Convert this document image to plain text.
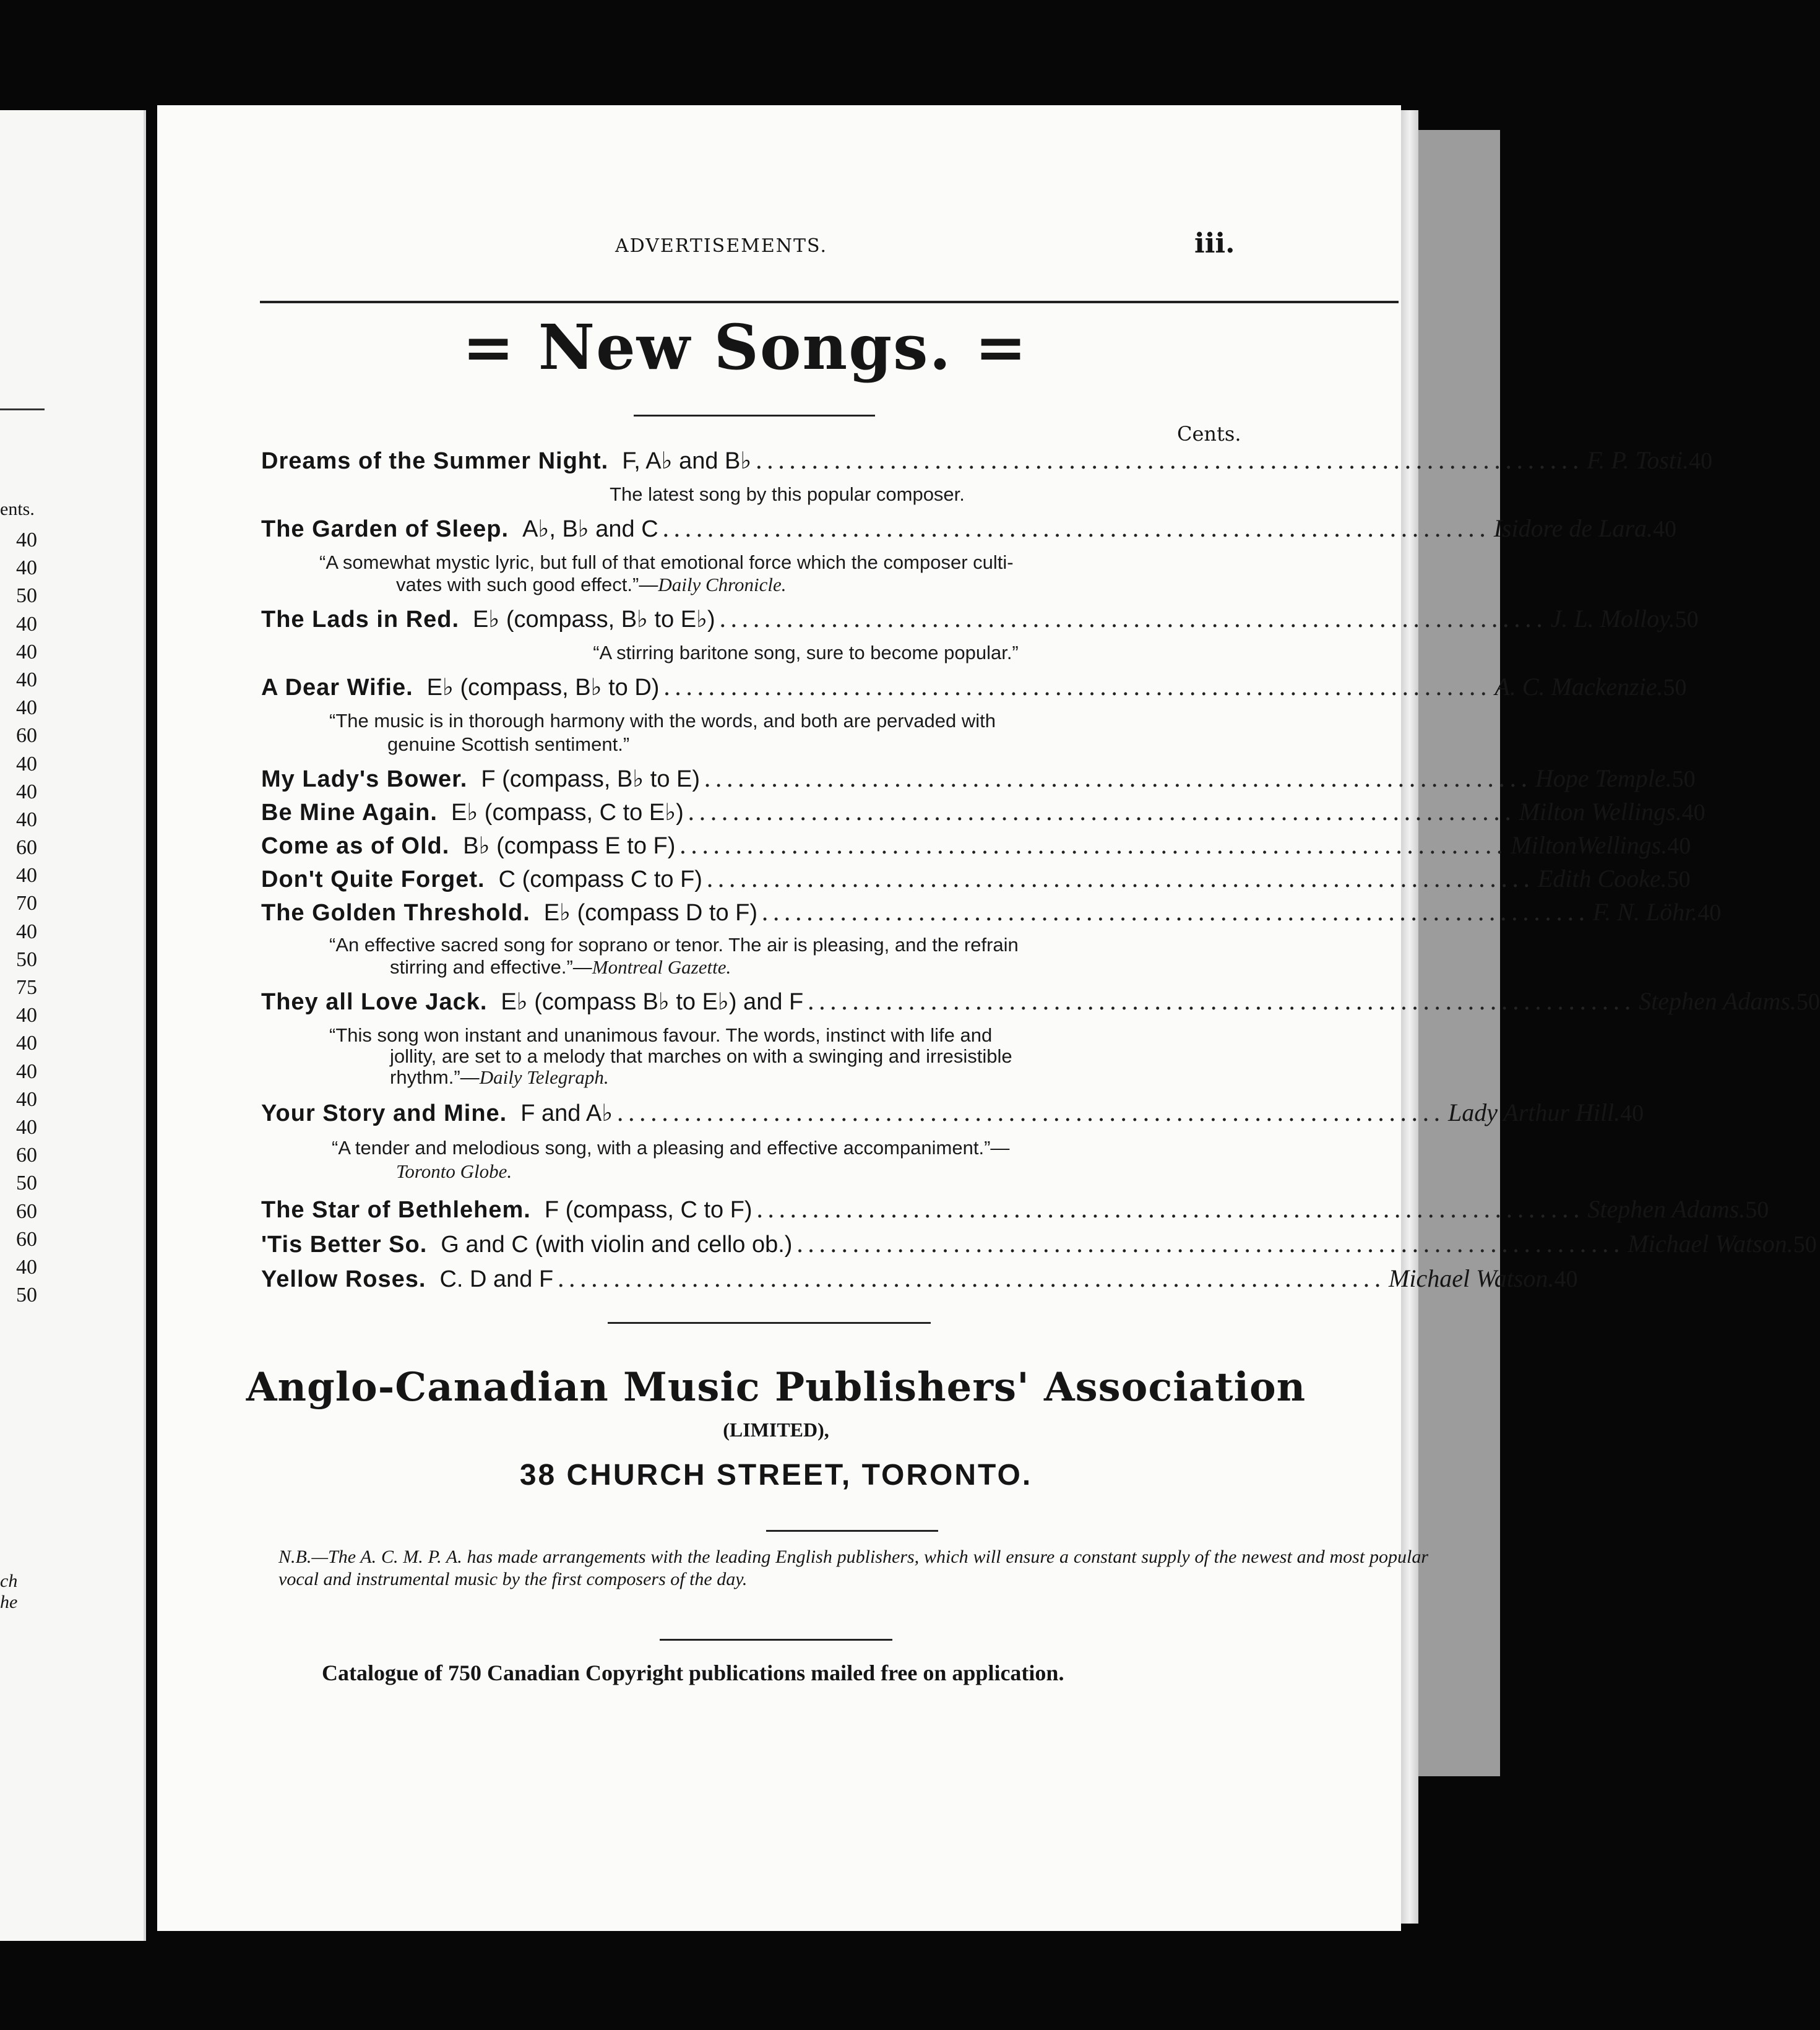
ents.
40
40
50
40
40
40
40
60
40
40
40
60
40
70
40
50
75
40
40
40
40
40
60
50
60
60
40
50
ch
he
ADVERTISEMENTS.	iii.
= New Songs. =
Cents.
Dreams of the Summer Night. F, A♭ and B♭ .......................................................................... F. P. Tosti. 40
The latest song by this popular composer.
The Garden of Sleep. A♭, B♭ and C .......................................................................... Isidore de Lara. 40
“A somewhat mystic lyric, but full of that emotional force which the composer culti-
vates with such good effect.”—Daily Chronicle.
The Lads in Red. E♭ (compass, B♭ to E♭) .......................................................................... J. L. Molloy. 50
“A stirring baritone song, sure to become popular.”
A Dear Wifie. E♭ (compass, B♭ to D) .......................................................................... A. C. Mackenzie. 50
“The music is in thorough harmony with the words, and both are pervaded with
genuine Scottish sentiment.”
My Lady's Bower. F (compass, B♭ to E) .......................................................................... Hope Temple. 50
Be Mine Again. E♭ (compass, C to E♭) .......................................................................... Milton Wellings. 40
Come as of Old. B♭ (compass E to F) .......................................................................... MiltonWellings. 40
Don't Quite Forget. C (compass C to F) .......................................................................... Edith Cooke. 50
The Golden Threshold. E♭ (compass D to F) .......................................................................... F. N. Löhr. 40
“An effective sacred song for soprano or tenor. The air is pleasing, and the refrain
stirring and effective.”—Montreal Gazette.
They all Love Jack. E♭ (compass B♭ to E♭) and F .......................................................................... Stephen Adams. 50
“This song won instant and unanimous favour. The words, instinct with life and
jollity, are set to a melody that marches on with a swinging and irresistible
rhythm.”—Daily Telegraph.
Your Story and Mine. F and A♭ .......................................................................... Lady Arthur Hill. 40
“A tender and melodious song, with a pleasing and effective accompaniment.”—
Toronto Globe.
The Star of Bethlehem. F (compass, C to F) .......................................................................... Stephen Adams. 50
'Tis Better So. G and C (with violin and cello ob.) .......................................................................... Michael Watson. 50
Yellow Roses. C. D and F .......................................................................... Michael Watson. 40
Anglo-Canadian Music Publishers' Association
(LIMITED),
38 CHURCH STREET, TORONTO.
N.B.—The A. C. M. P. A. has made arrangements with the leading English publishers, which will ensure a constant supply of the newest and most popular vocal and instrumental music by the first composers of the day.
Catalogue of 750 Canadian Copyright publications mailed free on application.
